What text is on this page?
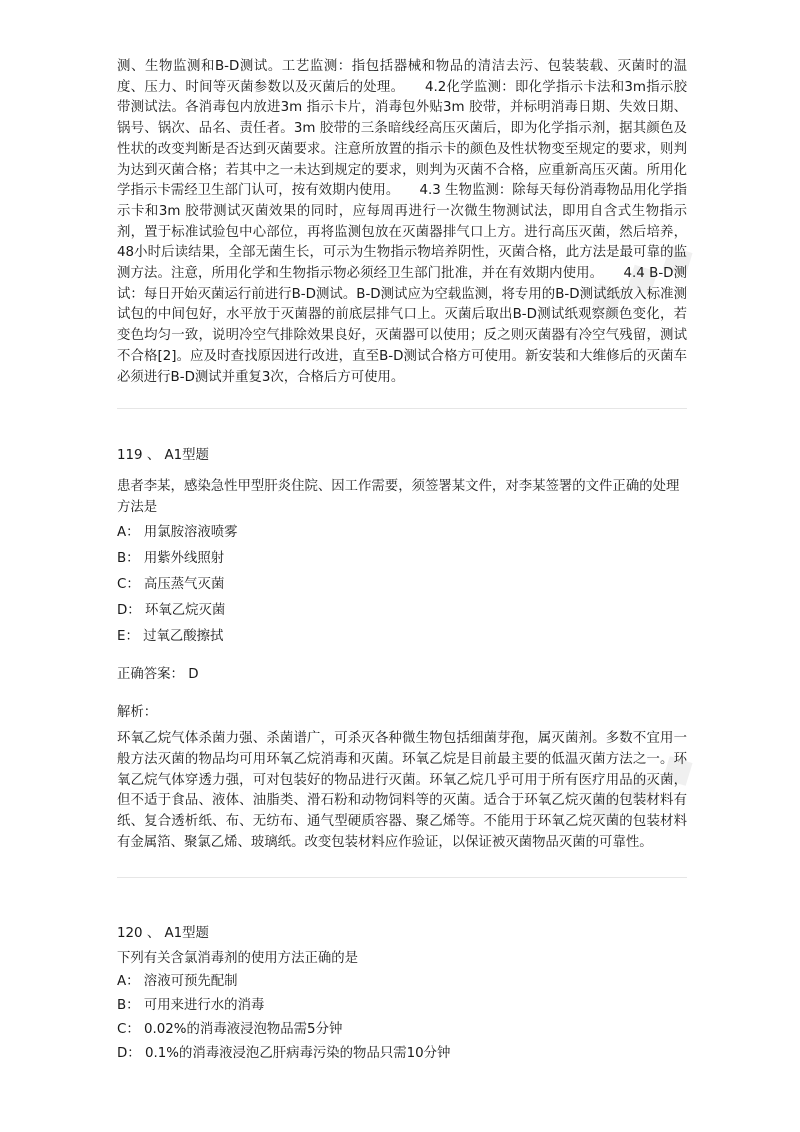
◆◆◆
◆◆◆

测、生物监测和B-D测试。工艺监测：指包括器械和物品的清洁去污、包装装载、灭菌时的温度、压力、时间等灭菌参数以及灭菌后的处理。　　4.2化学监测：即化学指示卡法和3m指示胶带测试法。各消毒包内放进3m 指示卡片，消毒包外贴3m 胶带，并标明消毒日期、失效日期、锅号、锅次、品名、责任者。3m 胶带的三条暗线经高压灭菌后，即为化学指示剂，据其颜色及性状的改变判断是否达到灭菌要求。注意所放置的指示卡的颜色及性状物变至规定的要求，则判为达到灭菌合格；若其中之一未达到规定的要求，则判为灭菌不合格，应重新高压灭菌。所用化学指示卡需经卫生部门认可，按有效期内使用。　　4.3 生物监测：除每天每份消毒物品用化学指示卡和3m 胶带测试灭菌效果的同时，应每周再进行一次微生物测试法，即用自含式生物指示剂，置于标准试验包中心部位，再将监测包放在灭菌器排气口上方。进行高压灭菌，然后培养，48小时后读结果，全部无菌生长，可示为生物指示物培养阴性，灭菌合格，此方法是最可靠的监测方法。注意，所用化学和生物指示物必须经卫生部门批准，并在有效期内使用。　　4.4 B-D测试：每日开始灭菌运行前进行B-D测试。B-D测试应为空载监测，将专用的B-D测试纸放入标准测试包的中间包好，水平放于灭菌器的前底层排气口上。灭菌后取出B-D测试纸观察颜色变化，若变色均匀一致，说明冷空气排除效果良好，灭菌器可以使用；反之则灭菌器有冷空气残留，测试不合格[2]。应及时查找原因进行改进，直至B-D测试合格方可使用。新安装和大维修后的灭菌车必须进行B-D测试并重复3次，合格后方可使用。

119 、 A1型题

患者李某，感染急性甲型肝炎住院、因工作需要，须签署某文件，对李某签署的文件正确的处理方法是

A： 用氯胺溶液喷雾

B： 用紫外线照射

C： 高压蒸气灭菌

D： 环氧乙烷灭菌

E： 过氧乙酸擦拭

正确答案： D

解析：

环氧乙烷气体杀菌力强、杀菌谱广，可杀灭各种微生物包括细菌芽孢，属灭菌剂。多数不宜用一般方法灭菌的物品均可用环氧乙烷消毒和灭菌。环氧乙烷是目前最主要的低温灭菌方法之一。环氧乙烷气体穿透力强，可对包装好的物品进行灭菌。环氧乙烷几乎可用于所有医疗用品的灭菌，但不适于食品、液体、油脂类、滑石粉和动物饲料等的灭菌。适合于环氧乙烷灭菌的包装材料有纸、复合透析纸、布、无纺布、通气型硬质容器、聚乙烯等。不能用于环氧乙烷灭菌的包装材料有金属箔、聚氯乙烯、玻璃纸。改变包装材料应作验证，以保证被灭菌物品灭菌的可靠性。

120 、 A1型题

下列有关含氯消毒剂的使用方法正确的是

A： 溶液可预先配制

B： 可用来进行水的消毒

C： 0.02%的消毒液浸泡物品需5分钟

D： 0.1%的消毒液浸泡乙肝病毒污染的物品只需10分钟
